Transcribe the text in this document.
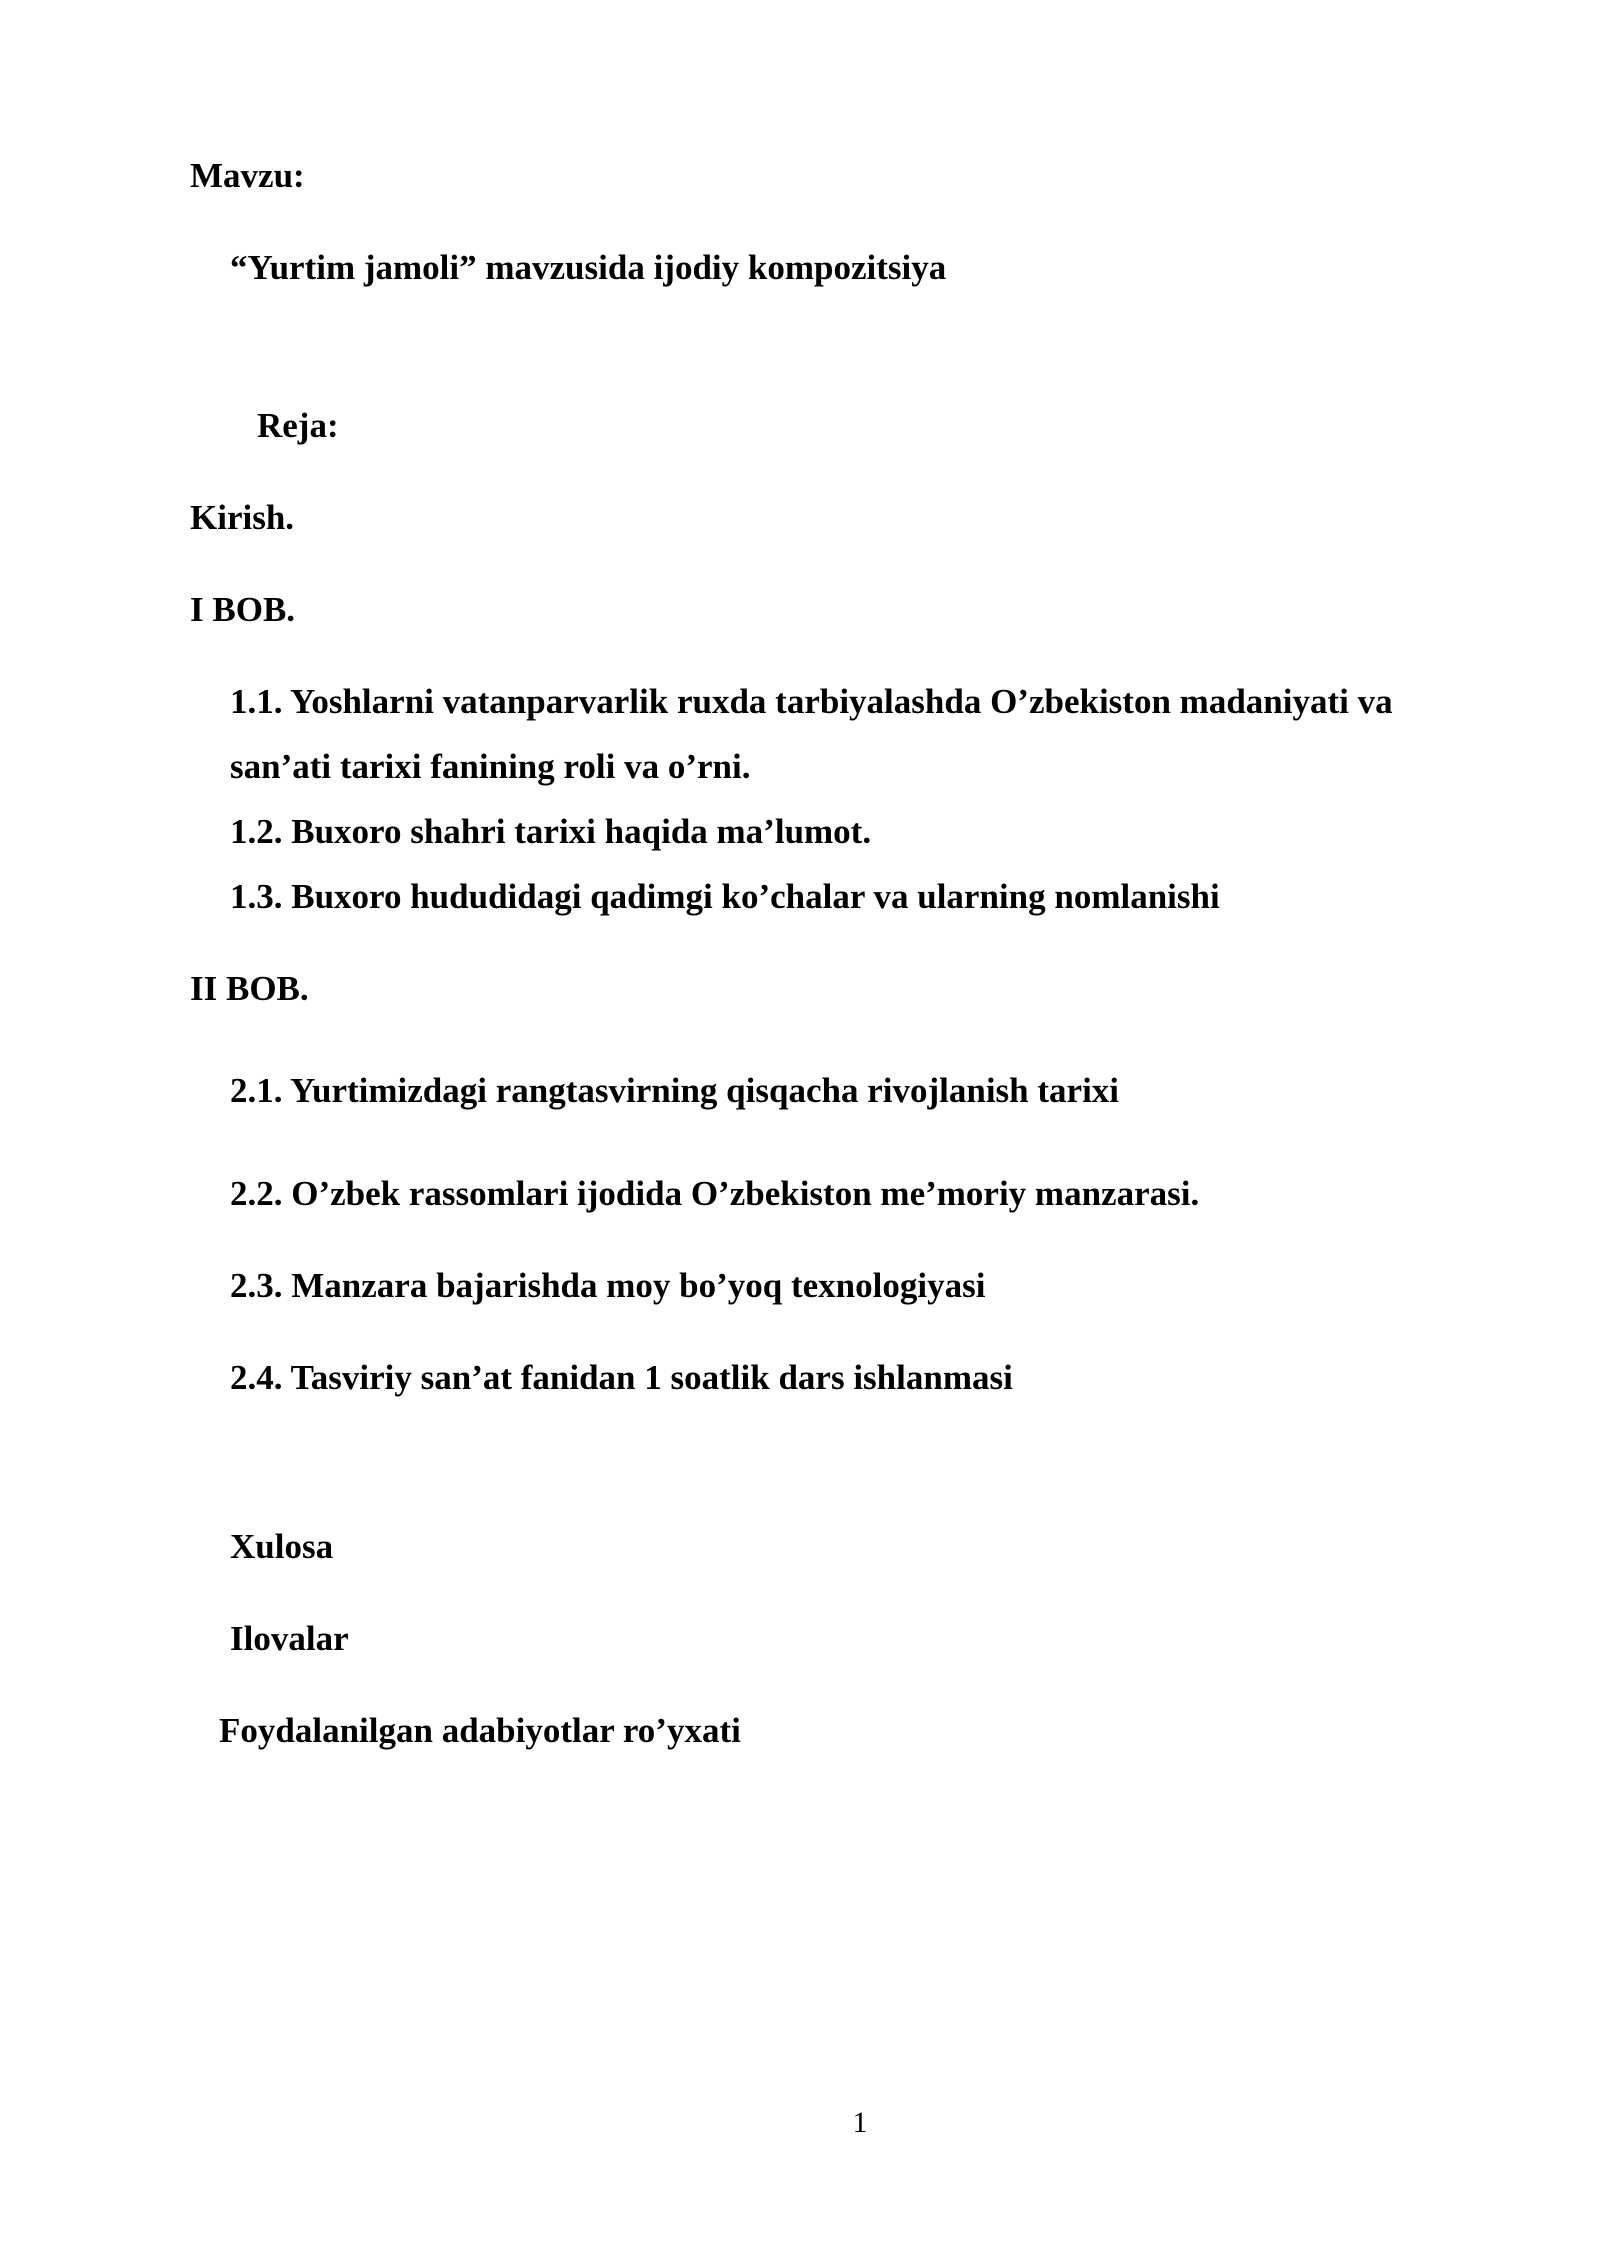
Mavzu:
“Yurtim jamoli” mavzusida ijodiy kompozitsiya
Reja:
Kirish.
I BOB.
1.1. Yoshlarni vatanparvarlik ruxda tarbiyalashda O’zbekiston madaniyati va
san’ati tarixi fanining roli va o’rni.
1.2. Buxoro shahri tarixi haqida ma’lumot.
1.3. Buxoro hududidagi qadimgi ko’chalar va ularning nomlanishi
II BOB.
2.1. Yurtimizdagi rangtasvirning qisqacha rivojlanish tarixi
2.2. O’zbek rassomlari ijodida O’zbekiston me’moriy manzarasi.
2.3. Manzara bajarishda moy bo’yoq texnologiyasi
2.4. Tasviriy san’at fanidan 1 soatlik dars ishlanmasi
Xulosa
Ilovalar
Foydalanilgan adabiyotlar ro’yxati
1
